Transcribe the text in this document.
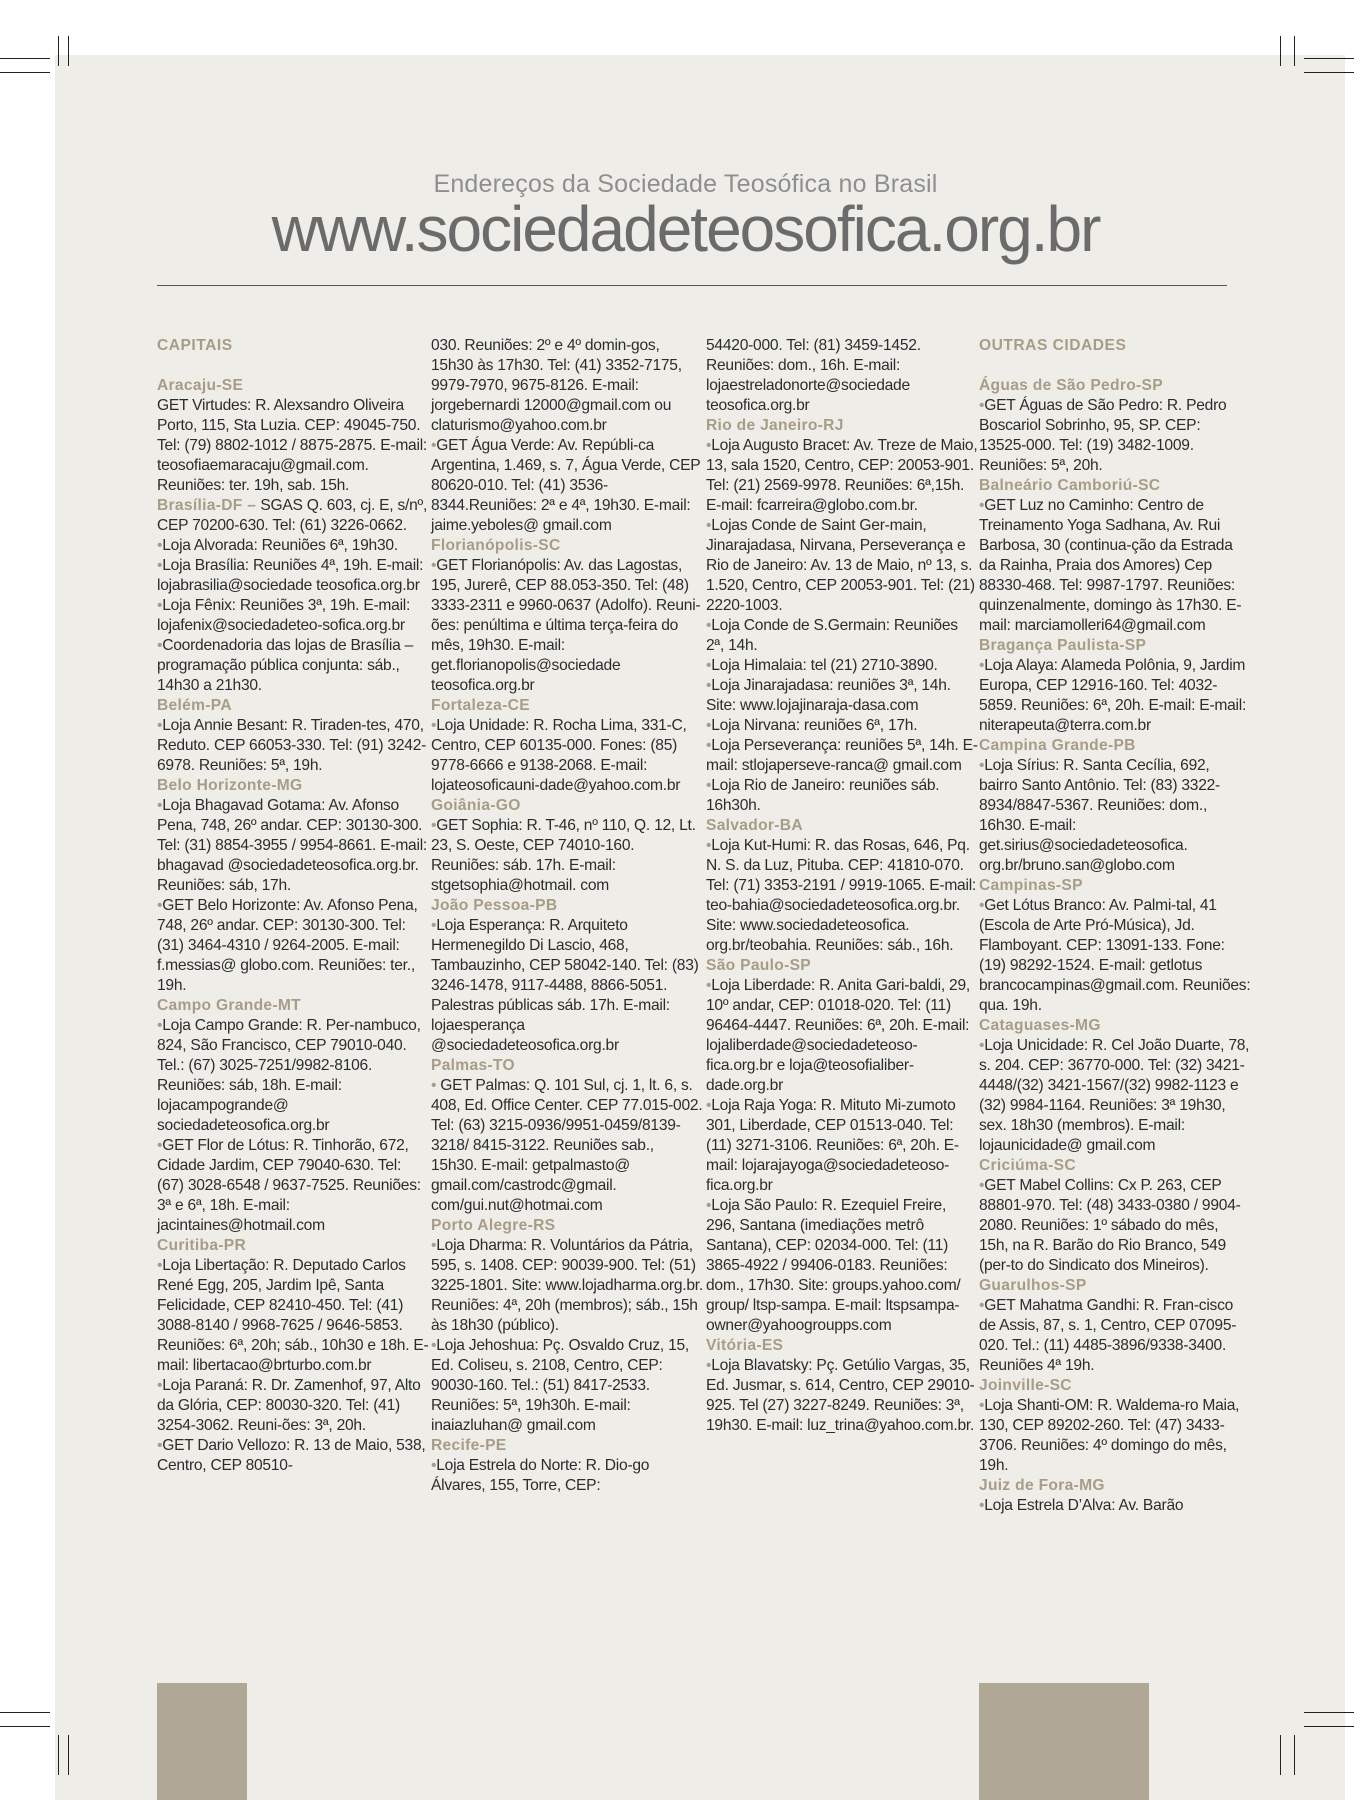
Endereços da Sociedade Teosófica no Brasil
www.sociedadeteosofica.org.br
CAPITAIS
Aracaju-SE
GET Virtudes: R. Alexsandro Oliveira Porto, 115, Sta Luzia. CEP: 49045-750. Tel: (79) 8802-1012 / 8875-2875. E-mail: teosofiaemaracaju@gmail.com. Reuniões: ter. 19h, sab. 15h.
Brasília-DF – SGAS Q. 603, cj. E, s/nº, CEP 70200-630. Tel: (61) 3226-0662.
•Loja Alvorada: Reuniões 6ª, 19h30.
•Loja Brasília: Reuniões 4ª, 19h. E-mail: lojabrasilia@sociedade teosofica.org.br
•Loja Fênix: Reuniões 3ª, 19h. E-mail: lojafenix@sociedadeteo-sofica.org.br
•Coordenadoria das lojas de Brasília – programação pública conjunta: sáb., 14h30 a 21h30.
Belém-PA
•Loja Annie Besant: R. Tiraden-tes, 470, Reduto. CEP 66053-330. Tel: (91) 3242-6978. Reuniões: 5ª, 19h.
Belo Horizonte-MG
•Loja Bhagavad Gotama: Av. Afonso Pena, 748, 26º andar. CEP: 30130-300. Tel: (31) 8854-3955 / 9954-8661. E-mail: bhagavad @sociedadeteosofica.org.br. Reuniões: sáb, 17h.
•GET Belo Horizonte: Av. Afonso Pena, 748, 26º andar. CEP: 30130-300. Tel: (31) 3464-4310 / 9264-2005. E-mail: f.messias@ globo.com. Reuniões: ter., 19h.
Campo Grande-MT
•Loja Campo Grande: R. Per-nambuco, 824, São Francisco, CEP 79010-040. Tel.: (67) 3025-7251/9982-8106. Reuniões: sáb, 18h. E-mail: lojacampogrande@ sociedadeteosofica.org.br
•GET Flor de Lótus: R. Tinhorão, 672, Cidade Jardim, CEP 79040-630. Tel: (67) 3028-6548 / 9637-7525. Reuniões: 3ª e 6ª, 18h. E-mail: jacintaines@hotmail.com
Curitiba-PR
•Loja Libertação: R. Deputado Carlos René Egg, 205, Jardim Ipê, Santa Felicidade, CEP 82410-450. Tel: (41) 3088-8140 / 9968-7625 / 9646-5853. Reuniões: 6ª, 20h; sáb., 10h30 e 18h. E-mail: libertacao@brturbo.com.br
•Loja Paraná: R. Dr. Zamenhof, 97, Alto da Glória, CEP: 80030-320. Tel: (41) 3254-3062. Reuni-ões: 3ª, 20h.
•GET Dario Vellozo: R. 13 de Maio, 538, Centro, CEP 80510-
030. Reuniões: 2º e 4º domin-gos, 15h30 às 17h30. Tel: (41) 3352-7175, 9979-7970, 9675-8126. E-mail: jorgebernardi 12000@gmail.com ou claturismo@yahoo.com.br
•GET Água Verde: Av. Repúbli-ca Argentina, 1.469, s. 7, Água Verde, CEP 80620-010. Tel: (41) 3536-8344.Reuniões: 2ª e 4ª, 19h30. E-mail: jaime.yeboles@ gmail.com
Florianópolis-SC
•GET Florianópolis: Av. das Lagostas, 195, Jurerê, CEP 88.053-350. Tel: (48) 3333-2311 e 9960-0637 (Adolfo). Reuni-ões: penúltima e última terça-feira do mês, 19h30. E-mail: get.florianopolis@sociedade teosofica.org.br
Fortaleza-CE
•Loja Unidade: R. Rocha Lima, 331-C, Centro, CEP 60135-000. Fones: (85) 9778-6666 e 9138-2068. E-mail: lojateosoficauni-dade@yahoo.com.br
Goiânia-GO
•GET Sophia: R. T-46, nº 110, Q. 12, Lt. 23, S. Oeste, CEP 74010-160. Reuniões: sáb. 17h. E-mail: stgetsophia@hotmail. com
João Pessoa-PB
•Loja Esperança: R. Arquiteto Hermenegildo Di Lascio, 468, Tambauzinho, CEP 58042-140. Tel: (83) 3246-1478, 9117-4488, 8866-5051. Palestras públicas sáb. 17h. E-mail: lojaesperança @sociedadeteosofica.org.br
Palmas-TO
• GET Palmas: Q. 101 Sul, cj. 1, lt. 6, s. 408, Ed. Office Center. CEP 77.015-002. Tel: (63) 3215-0936/9951-0459/8139-3218/ 8415-3122. Reuniões sab., 15h30. E-mail: getpalmasto@ gmail.com/castrodc@gmail. com/gui.nut@hotmai.com
Porto Alegre-RS
•Loja Dharma: R. Voluntários da Pátria, 595, s. 1408. CEP: 90039-900. Tel: (51) 3225-1801. Site: www.lojadharma.org.br. Reuniões: 4ª, 20h (membros); sáb., 15h às 18h30 (público).
•Loja Jehoshua: Pç. Osvaldo Cruz, 15, Ed. Coliseu, s. 2108, Centro, CEP: 90030-160. Tel.: (51) 8417-2533. Reuniões: 5ª, 19h30h. E-mail: inaiazluhan@ gmail.com
Recife-PE
•Loja Estrela do Norte: R. Dio-go Álvares, 155, Torre, CEP:
54420-000. Tel: (81) 3459-1452. Reuniões: dom., 16h. E-mail: lojaestreladonorte@sociedade teosofica.org.br
Rio de Janeiro-RJ
•Loja Augusto Bracet: Av. Treze de Maio, 13, sala 1520, Centro, CEP: 20053-901. Tel: (21) 2569-9978. Reuniões: 6ª,15h. E-mail: fcarreira@globo.com.br.
•Lojas Conde de Saint Ger-main, Jinarajadasa, Nirvana, Perseverança e Rio de Janeiro: Av. 13 de Maio, nº 13, s. 1.520, Centro, CEP 20053-901. Tel: (21) 2220-1003.
•Loja Conde de S.Germain: Reuniões 2ª, 14h.
•Loja Himalaia: tel (21) 2710-3890.
•Loja Jinarajadasa: reuniões 3ª, 14h. Site: www.lojajinaraja-dasa.com
•Loja Nirvana: reuniões 6ª, 17h.
•Loja Perseverança: reuniões 5ª, 14h. E-mail: stlojaperseve-ranca@ gmail.com
•Loja Rio de Janeiro: reuniões sáb. 16h30h.
Salvador-BA
•Loja Kut-Humi: R. das Rosas, 646, Pq. N. S. da Luz, Pituba. CEP: 41810-070. Tel: (71) 3353-2191 / 9919-1065. E-mail: teo-bahia@sociedadeteosofica.org.br. Site: www.sociedadeteosofica. org.br/teobahia. Reuniões: sáb., 16h.
São Paulo-SP
•Loja Liberdade: R. Anita Gari-baldi, 29, 10º andar, CEP: 01018-020. Tel: (11) 96464-4447. Reuniões: 6ª, 20h. E-mail: lojaliberdade@sociedadeteoso-fica.org.br e loja@teosofialiber-dade.org.br
•Loja Raja Yoga: R. Mituto Mi-zumoto 301, Liberdade, CEP 01513-040. Tel: (11) 3271-3106. Reuniões: 6ª, 20h. E-mail: lojarajayoga@sociedadeteoso-fica.org.br
•Loja São Paulo: R. Ezequiel Freire, 296, Santana (imediações metrô Santana), CEP: 02034-000. Tel: (11) 3865-4922 / 99406-0183. Reuniões: dom., 17h30. Site: groups.yahoo.com/ group/ ltsp-sampa. E-mail: ltspsampa-owner@yahoogroupps.com
Vitória-ES
•Loja Blavatsky: Pç. Getúlio Vargas, 35, Ed. Jusmar, s. 614, Centro, CEP 29010-925. Tel (27) 3227-8249. Reuniões: 3ª, 19h30. E-mail: luz_trina@yahoo.com.br.
OUTRAS CIDADES
Águas de São Pedro-SP
•GET Águas de São Pedro: R. Pedro Boscariol Sobrinho, 95, SP. CEP: 13525-000. Tel: (19) 3482-1009. Reuniões: 5ª, 20h.
Balneário Camboriú-SC
•GET Luz no Caminho: Centro de Treinamento Yoga Sadhana, Av. Rui Barbosa, 30 (continua-ção da Estrada da Rainha, Praia dos Amores) Cep 88330-468. Tel: 9987-1797. Reuniões: quinzenalmente, domingo às 17h30. E-mail: marciamolleri64@gmail.com
Bragança Paulista-SP
•Loja Alaya: Alameda Polônia, 9, Jardim Europa, CEP 12916-160. Tel: 4032-5859. Reuniões: 6ª, 20h. E-mail: E-mail: niterapeuta@terra.com.br
Campina Grande-PB
•Loja Sírius: R. Santa Cecília, 692, bairro Santo Antônio. Tel: (83) 3322-8934/8847-5367. Reuniões: dom., 16h30. E-mail: get.sirius@sociedadeteosofica. org.br/bruno.san@globo.com
Campinas-SP
•Get Lótus Branco: Av. Palmi-tal, 41 (Escola de Arte Pró-Música), Jd. Flamboyant. CEP: 13091-133. Fone: (19) 98292-1524. E-mail: getlotus brancocampinas@gmail.com. Reuniões: qua. 19h.
Cataguases-MG
•Loja Unicidade: R. Cel João Duarte, 78, s. 204. CEP: 36770-000. Tel: (32) 3421-4448/(32) 3421-1567/(32) 9982-1123 e (32) 9984-1164. Reuniões: 3ª 19h30, sex. 18h30 (membros). E-mail: lojaunicidade@ gmail.com
Criciúma-SC
•GET Mabel Collins: Cx P. 263, CEP 88801-970. Tel: (48) 3433-0380 / 9904-2080. Reuniões: 1º sábado do mês, 15h, na R. Barão do Rio Branco, 549 (per-to do Sindicato dos Mineiros).
Guarulhos-SP
•GET Mahatma Gandhi: R. Fran-cisco de Assis, 87, s. 1, Centro, CEP 07095-020. Tel.: (11) 4485-3896/9338-3400. Reuniões 4ª 19h.
Joinville-SC
•Loja Shanti-OM: R. Waldema-ro Maia, 130, CEP 89202-260. Tel: (47) 3433-3706. Reuniões: 4º domingo do mês, 19h.
Juiz de Fora-MG
•Loja Estrela D’Alva: Av. Barão
